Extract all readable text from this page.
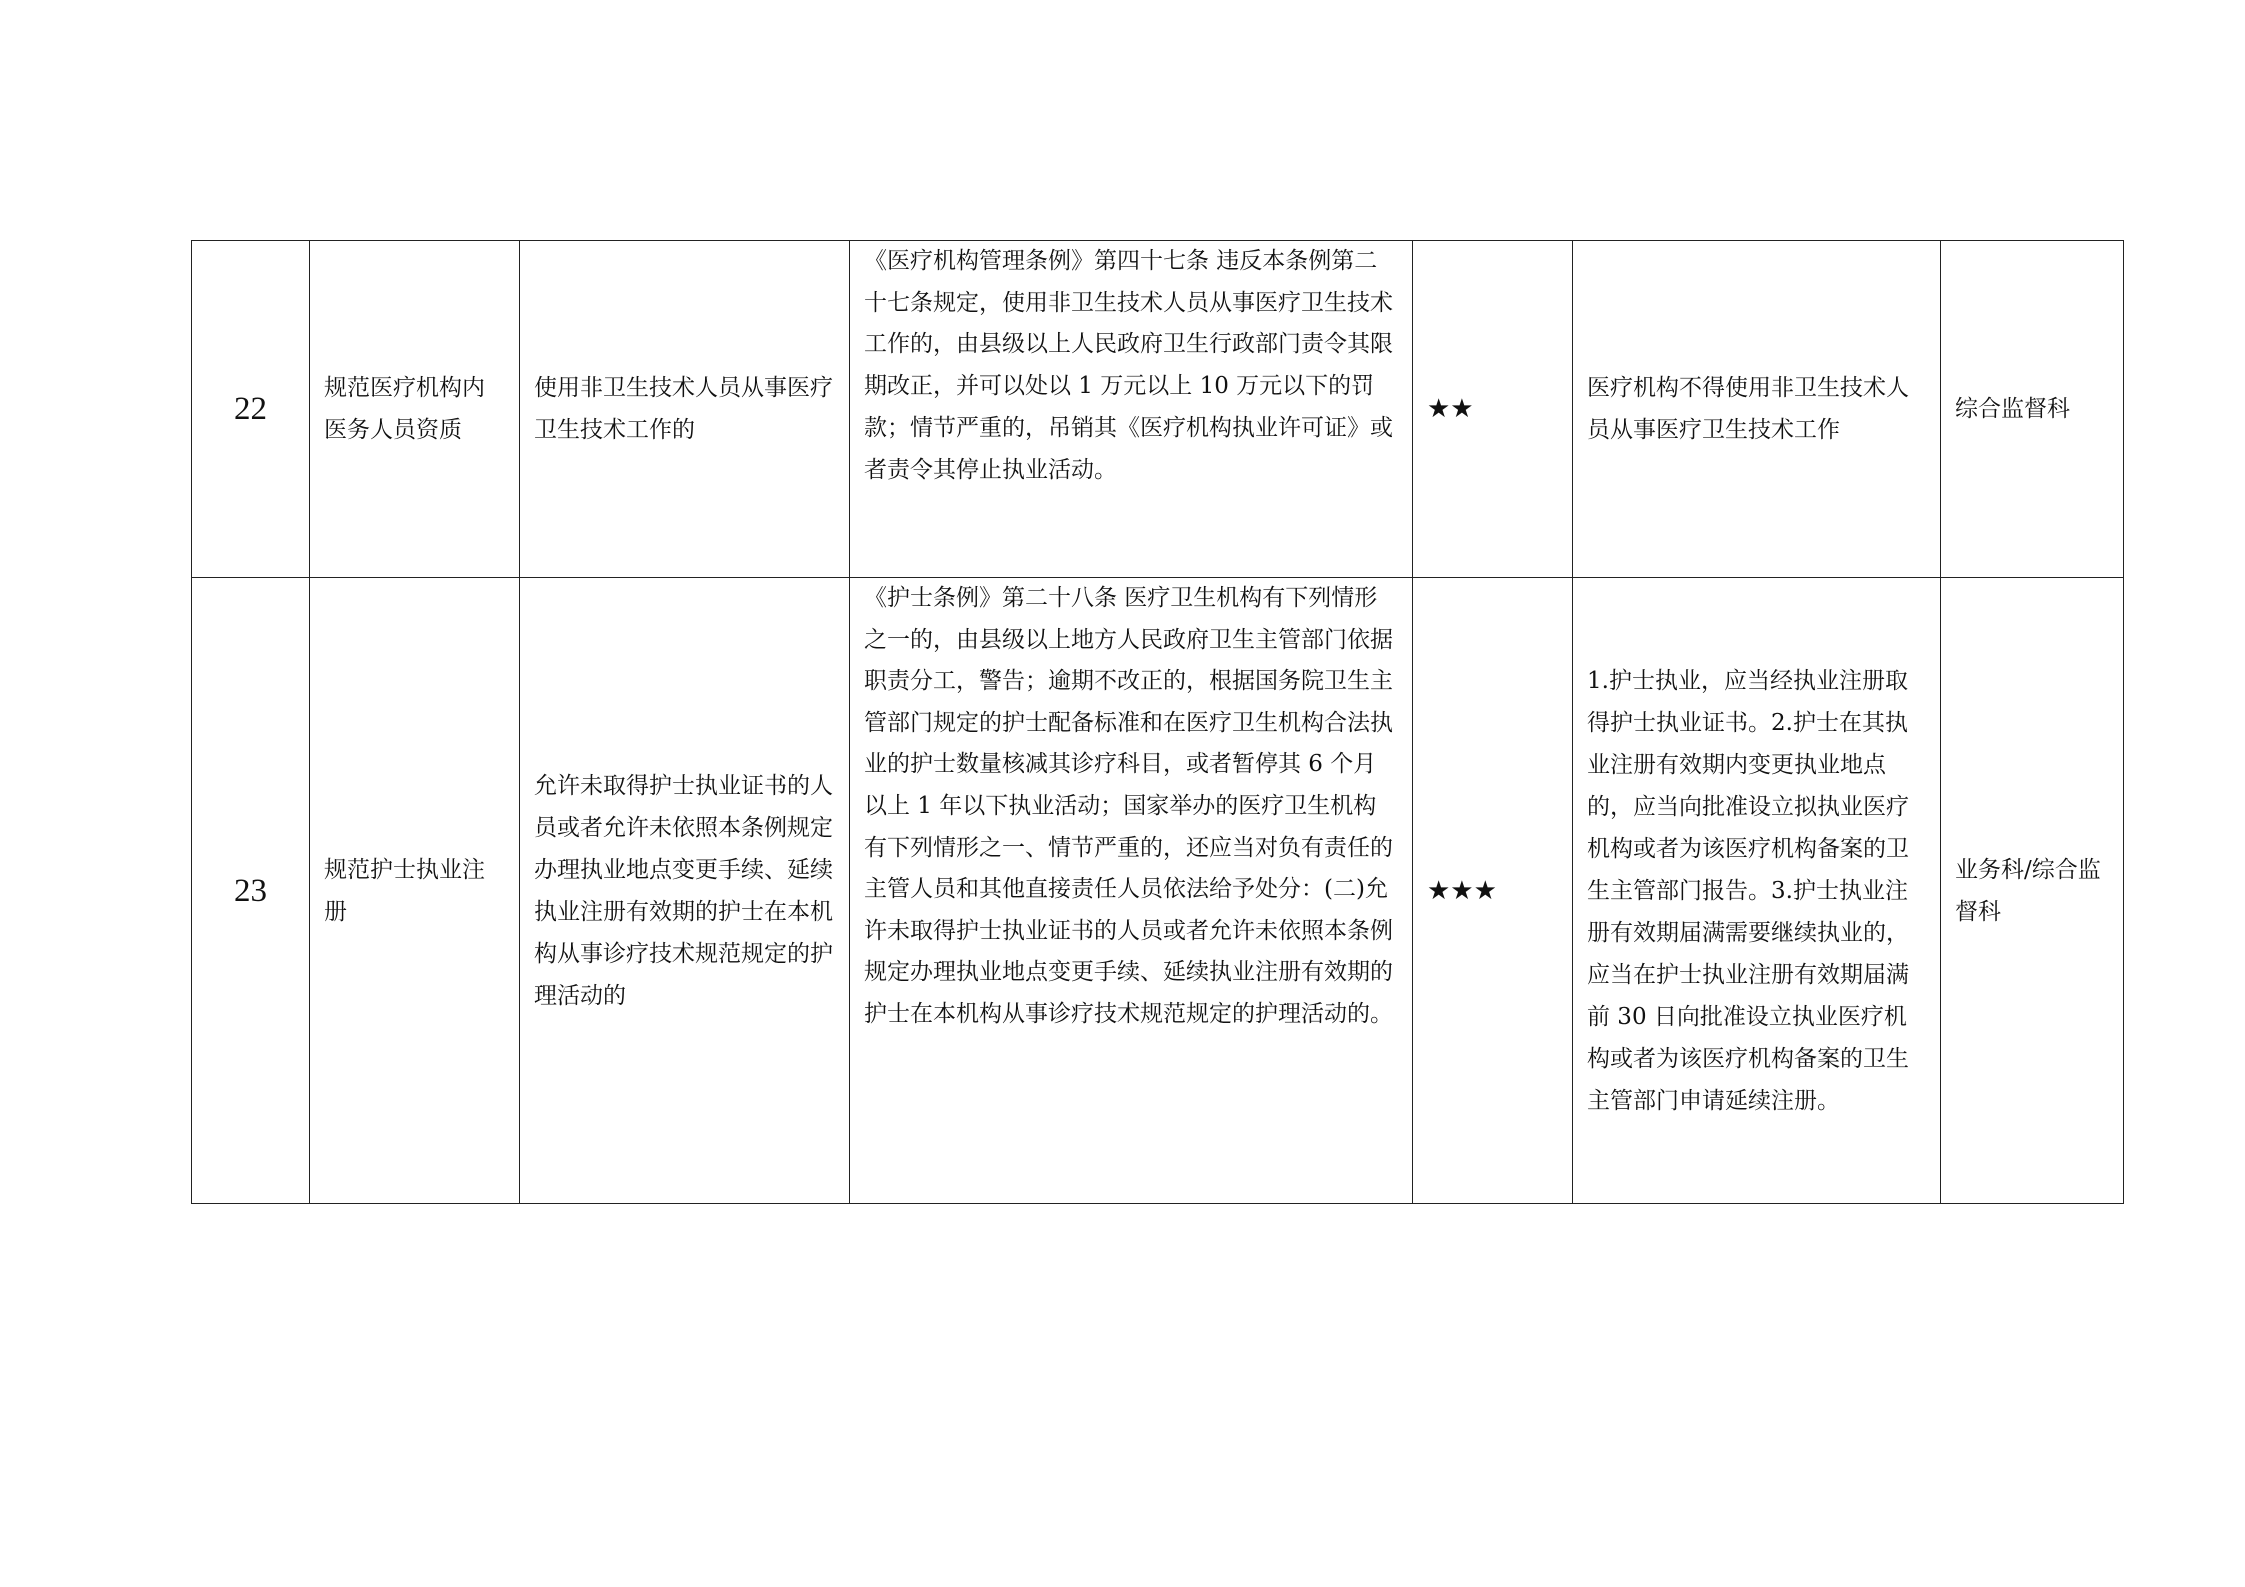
22	规范医疗机构内医务人员资质	使用非卫生技术人员从事医疗卫生技术工作的	《医疗机构管理条例》第四十七条 违反本条例第二十七条规定，使用非卫生技术人员从事医疗卫生技术工作的，由县级以上人民政府卫生行政部门责令其限期改正，并可以处以 1 万元以上 10 万元以下的罚款；情节严重的，吊销其《医疗机构执业许可证》或者责令其停止执业活动。	★★	医疗机构不得使用非卫生技术人员从事医疗卫生技术工作	综合监督科
23	规范护士执业注册	允许未取得护士执业证书的人员或者允许未依照本条例规定办理执业地点变更手续、延续执业注册有效期的护士在本机构从事诊疗技术规范规定的护理活动的	《护士条例》第二十八条 医疗卫生机构有下列情形之一的，由县级以上地方人民政府卫生主管部门依据职责分工，警告；逾期不改正的，根据国务院卫生主管部门规定的护士配备标准和在医疗卫生机构合法执业的护士数量核减其诊疗科目，或者暂停其 6 个月以上 1 年以下执业活动；国家举办的医疗卫生机构有下列情形之一、情节严重的，还应当对负有责任的主管人员和其他直接责任人员依法给予处分：(二)允许未取得护士执业证书的人员或者允许未依照本条例规定办理执业地点变更手续、延续执业注册有效期的护士在本机构从事诊疗技术规范规定的护理活动的。	★★★	1.护士执业，应当经执业注册取得护士执业证书。2.护士在其执业注册有效期内变更执业地点的，应当向批准设立拟执业医疗机构或者为该医疗机构备案的卫生主管部门报告。3.护士执业注册有效期届满需要继续执业的，应当在护士执业注册有效期届满前 30 日向批准设立执业医疗机构或者为该医疗机构备案的卫生主管部门申请延续注册。	业务科/综合监督科
